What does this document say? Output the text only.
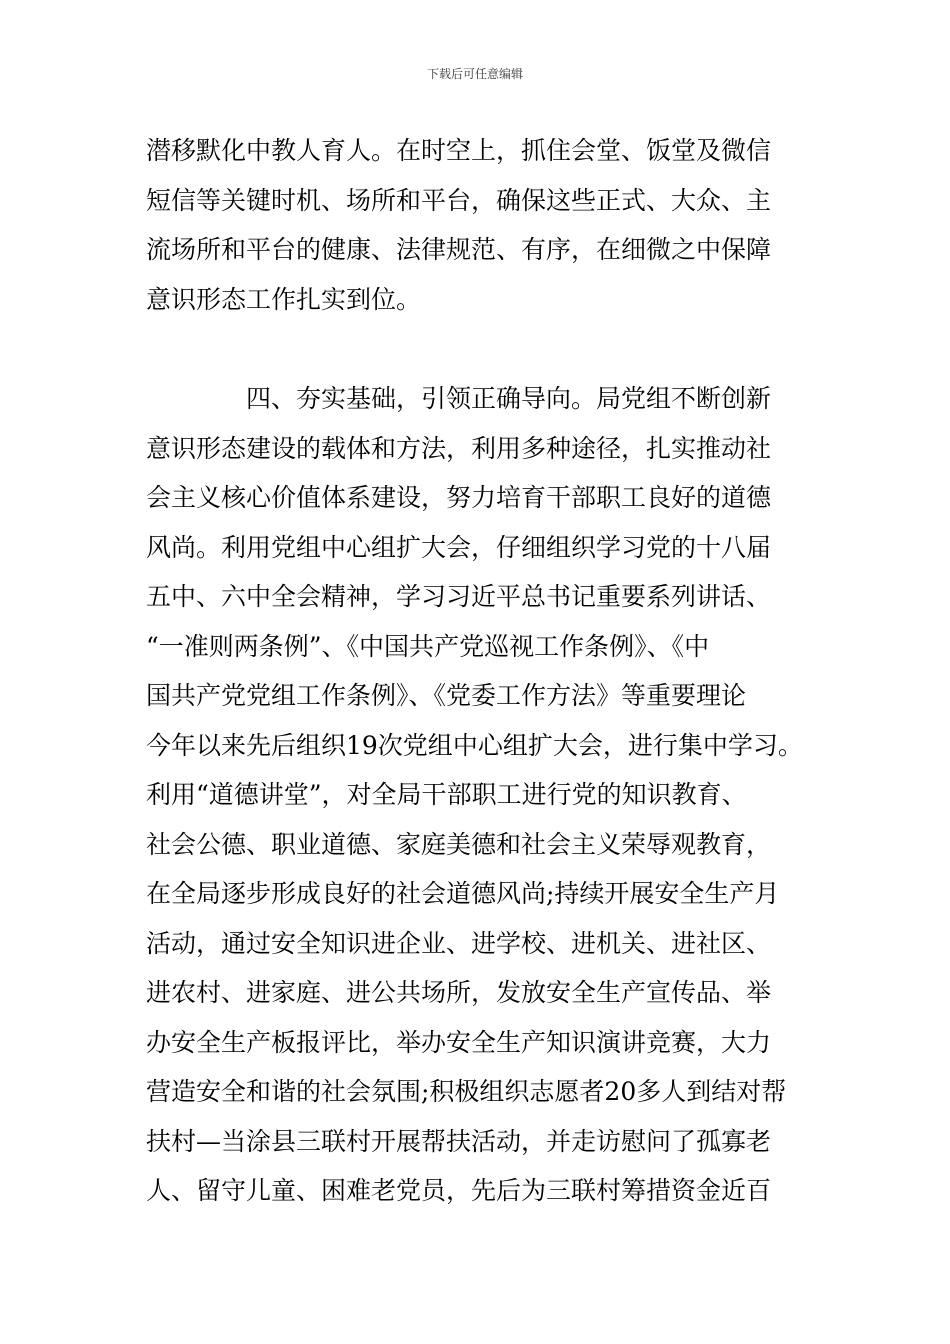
下载后可任意编辑
潜移默化中教人育人。在时空上，抓住会堂、饭堂及微信
短信等关键时机、场所和平台，确保这些正式、大众、主
流场所和平台的健康、法律规范、有序，在细微之中保障
意识形态工作扎实到位。
四、夯实基础，引领正确导向。局党组不断创新
意识形态建设的载体和方法，利用多种途径，扎实推动社
会主义核心价值体系建设，努力培育干部职工良好的道德
风尚。利用党组中心组扩大会，仔细组织学习党的十八届
五中、六中全会精神，学习习近平总书记重要系列讲话、
“一准则两条例”、《中国共产党巡视工作条例》、《中
国共产党党组工作条例》、《党委工作方法》等重要理论
今年以来先后组织19次党组中心组扩大会，进行集中学习。
利用“道德讲堂”，对全局干部职工进行党的知识教育、
社会公德、职业道德、家庭美德和社会主义荣辱观教育，
在全局逐步形成良好的社会道德风尚;持续开展安全生产月
活动，通过安全知识进企业、进学校、进机关、进社区、
进农村、进家庭、进公共场所，发放安全生产宣传品、举
办安全生产板报评比，举办安全生产知识演讲竞赛，大力
营造安全和谐的社会氛围;积极组织志愿者20多人到结对帮
扶村—当涂县三联村开展帮扶活动，并走访慰问了孤寡老
人、留守儿童、困难老党员，先后为三联村筹措资金近百
